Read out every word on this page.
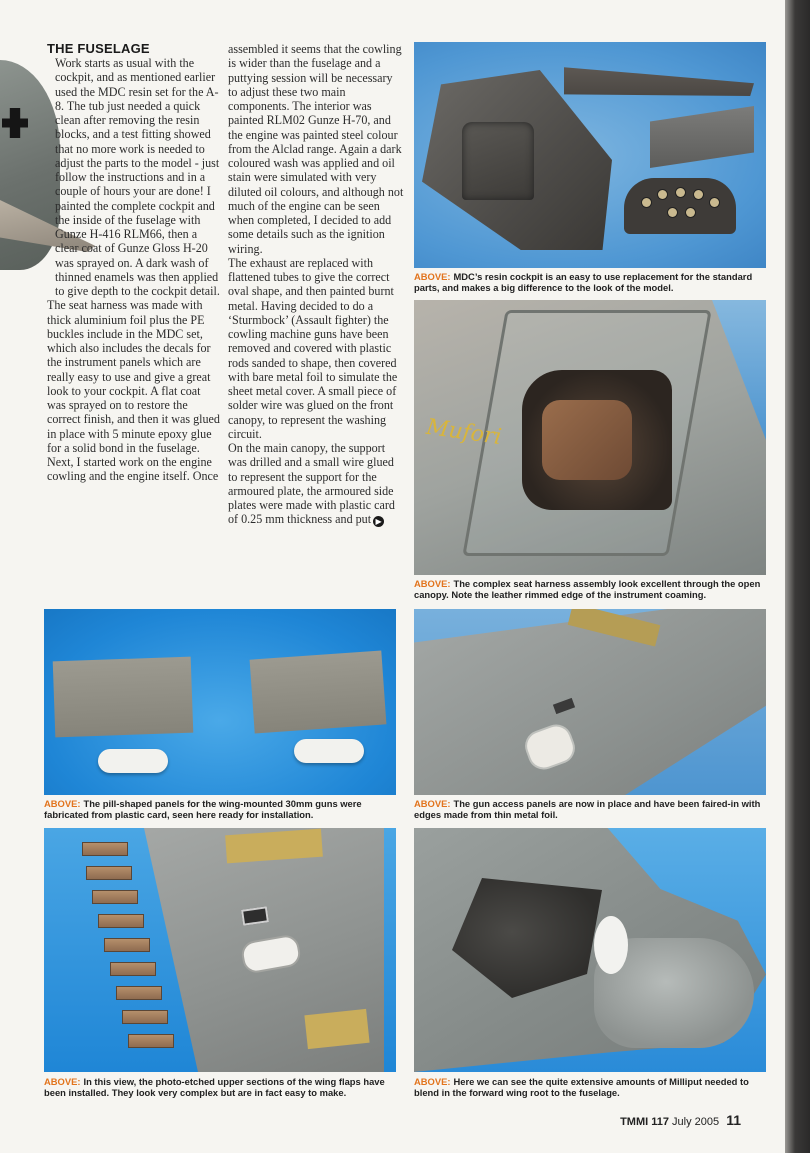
THE FUSELAGE

Work starts as usual with the cockpit, and as mentioned earlier used the MDC resin set for the A-8. The tub just needed a quick clean after removing the resin blocks, and a test fitting showed that no more work is needed to adjust the parts to the model - just follow the instructions and in a couple of hours your are done! I painted the complete cockpit and the inside of the fuselage with Gunze H-416 RLM66, then a clear coat of Gunze Gloss H-20 was sprayed on. A dark wash of thinned enamels was then applied to give depth to the cockpit detail.

The seat harness was made with thick aluminium foil plus the PE buckles include in the MDC set, which also includes the decals for the instrument panels which are really easy to use and give a great look to your cockpit. A flat coat was sprayed on to restore the correct finish, and then it was glued in place with 5 minute epoxy glue for a solid bond in the fuselage.

Next, I started work on the engine cowling and the engine itself. Once

assembled it seems that the cowling is wider than the fuselage and a puttying session will be necessary to adjust these two main components. The interior was painted RLM02 Gunze H-70, and the engine was painted steel colour from the Alclad range. Again a dark coloured wash was applied and oil stain were simulated with very diluted oil colours, and although not much of the engine can be seen when completed, I decided to add some details such as the ignition wiring.

The exhaust are replaced with flattened tubes to give the correct oval shape, and then painted burnt metal. Having decided to do a ‘Sturmbock’ (Assault fighter) the cowling machine guns have been removed and covered with plastic rods sanded to shape, then covered with bare metal foil to simulate the sheet metal cover. A small piece of solder wire was glued on the front canopy, to represent the washing circuit.

On the main canopy, the support was drilled and a small wire glued to represent the support for the armoured plate, the armoured side plates were made with plastic card of 0.25 mm thickness and put ▶

ABOVE: MDC’s resin cockpit is an easy to use replacement for the standard parts, and makes a big difference to the look of the model.
Mufori
ABOVE: The complex seat harness assembly look excellent through the open canopy. Note the leather rimmed edge of the instrument coaming.
ABOVE: The pill-shaped panels for the wing-mounted 30mm guns were fabricated from plastic card, seen here ready for installation.
ABOVE: The gun access panels are now in place and have been faired-in with edges made from thin metal foil.
ABOVE: In this view, the photo-etched upper sections of the wing flaps have been installed. They look very complex but are in fact easy to make.
ABOVE: Here we can see the quite extensive amounts of Milliput needed to blend in the forward wing root to the fuselage.
TMMI 117 July 2005 11
